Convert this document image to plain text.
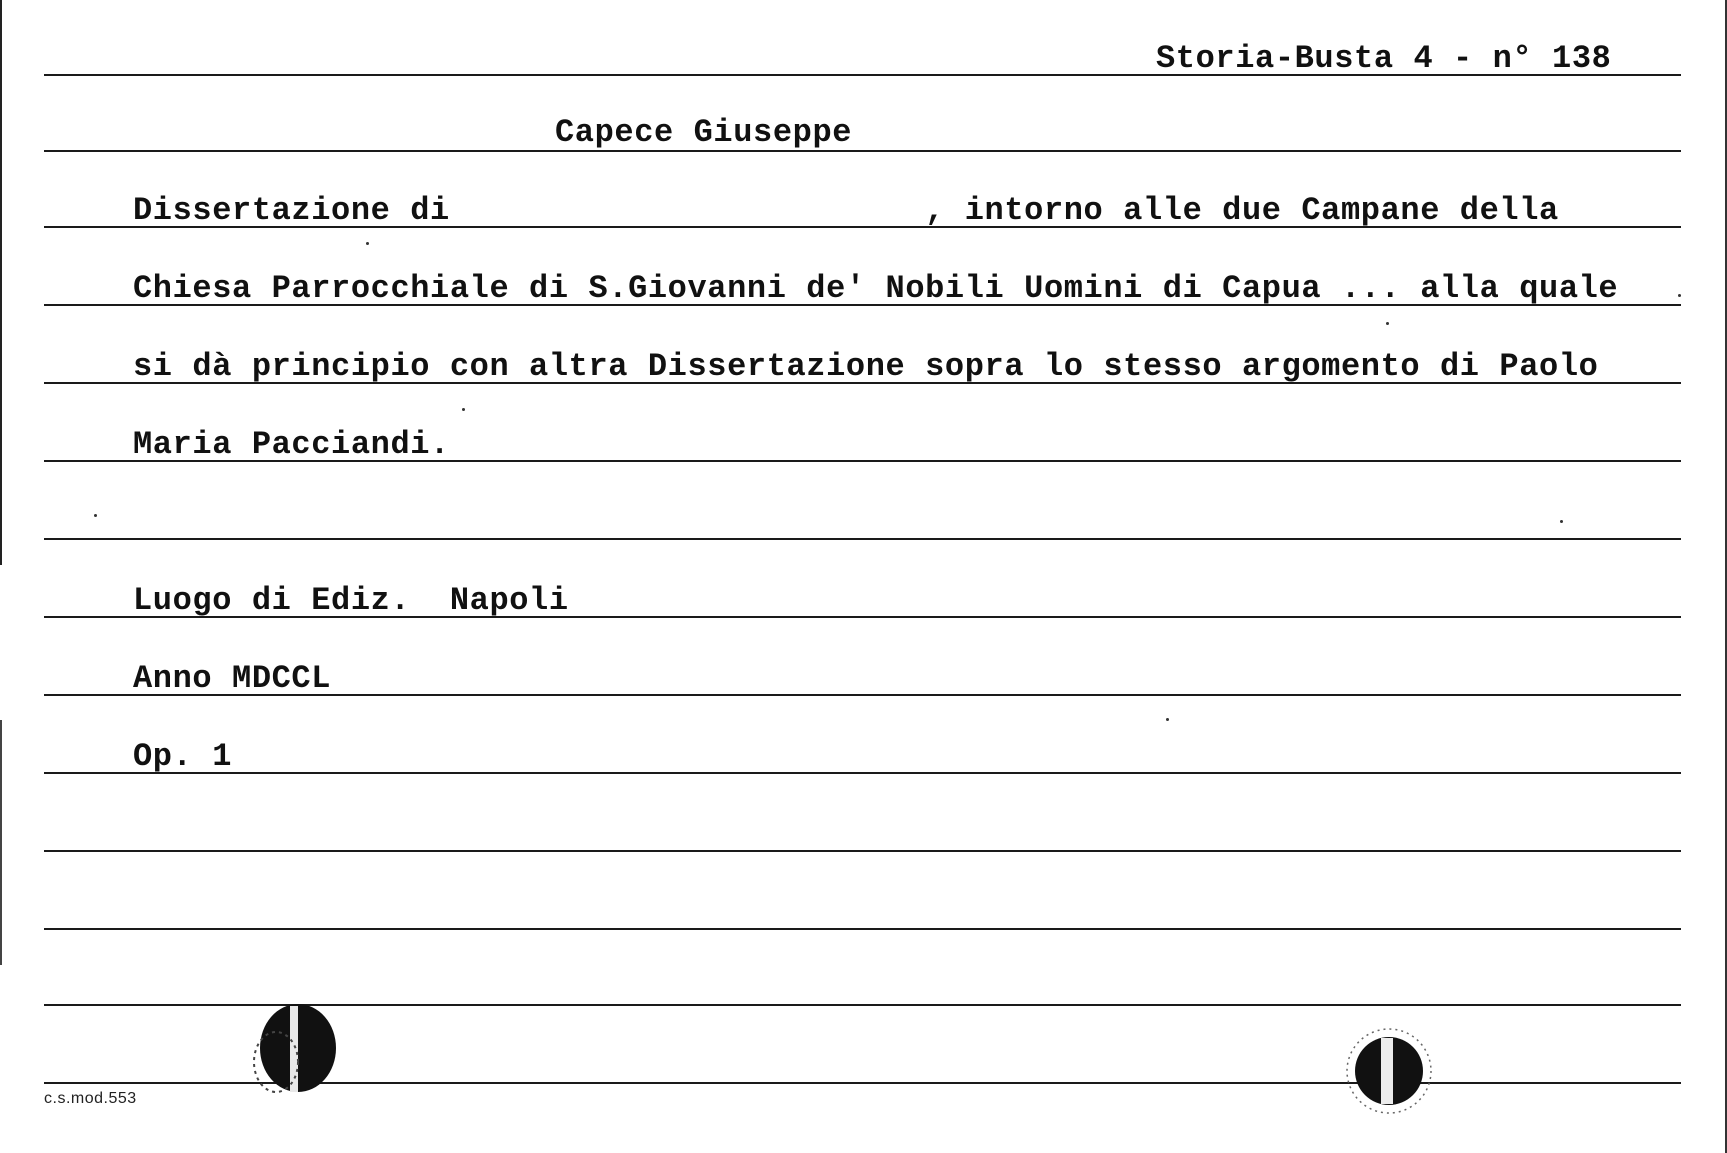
Storia-Busta 4 - n° 138
Capece Giuseppe
Dissertazione di                        , intorno alle due Campane della
Chiesa Parrocchiale di S.Giovanni de' Nobili Uomini di Capua ... alla quale
si dà principio con altra Dissertazione sopra lo stesso argomento di Paolo
Maria Pacciandi.
Luogo di Ediz.  Napoli
Anno MDCCL
Op. 1
c.s.mod.553
